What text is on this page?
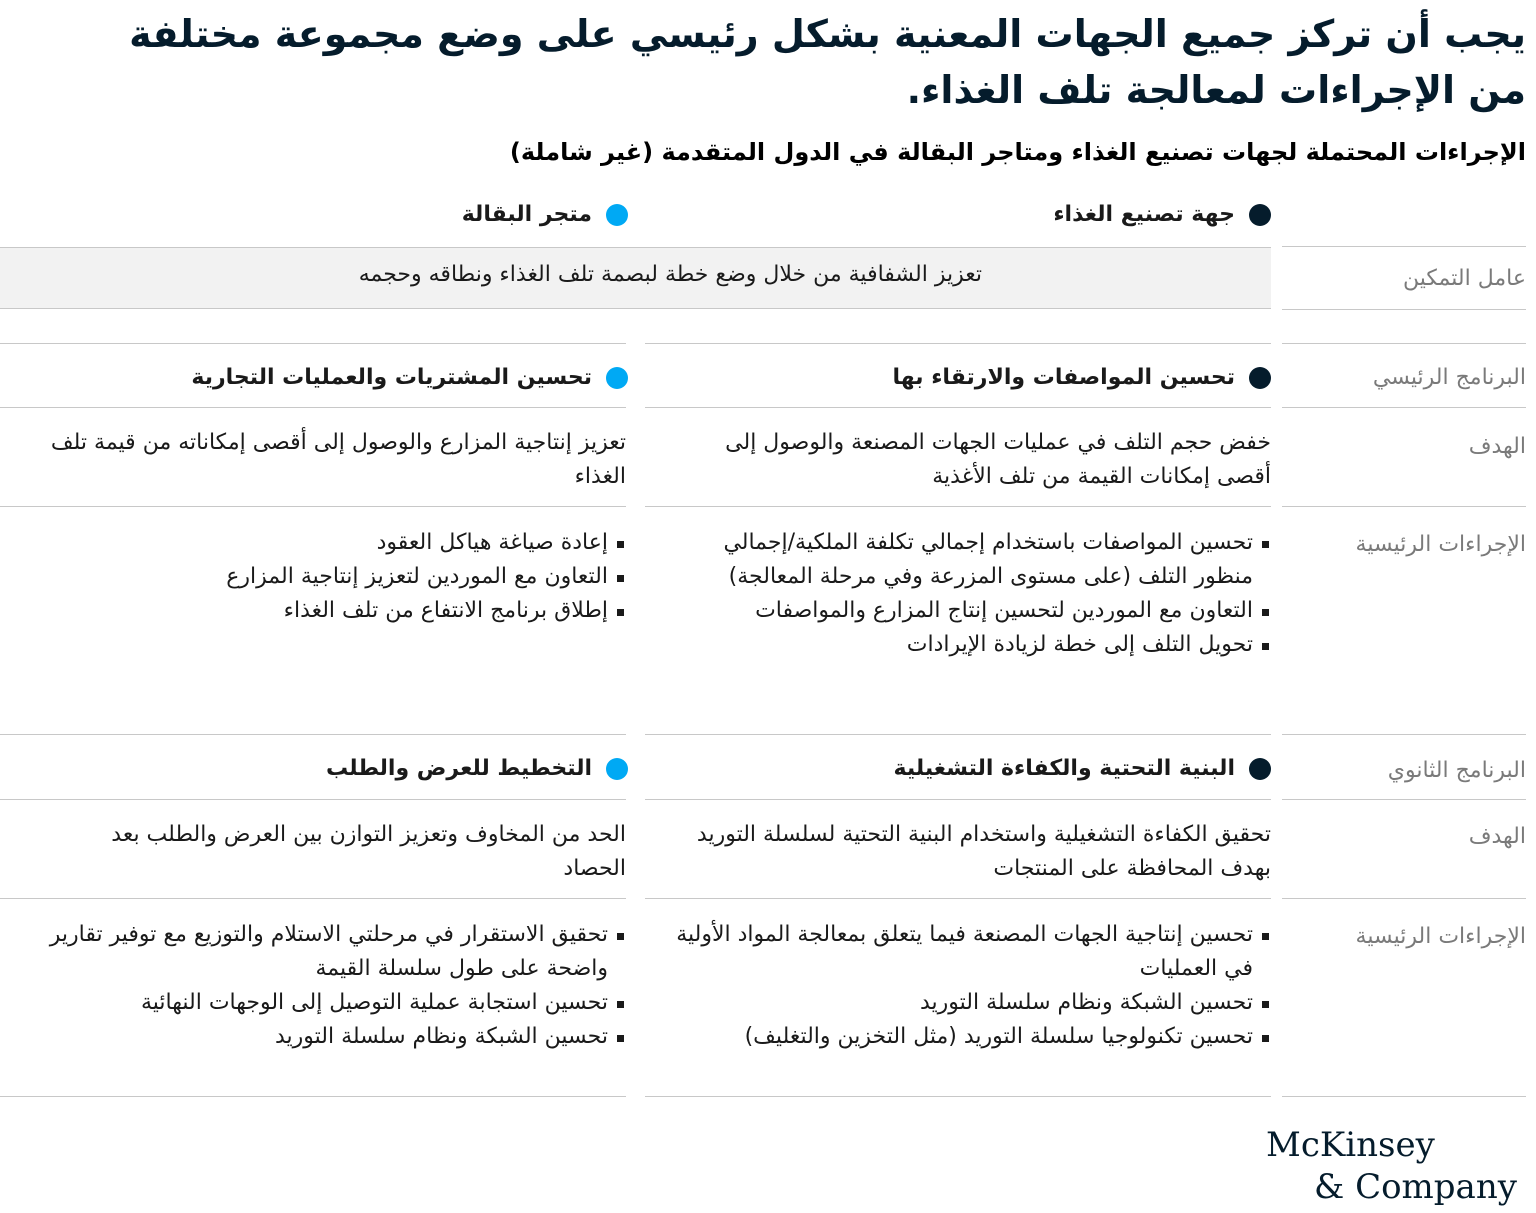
يجب أن تركز جميع الجهات المعنية بشكل رئيسي على وضع مجموعة مختلفة من الإجراءات لمعالجة تلف الغذاء.
الإجراءات المحتملة لجهات تصنيع الغذاء ومتاجر البقالة في الدول المتقدمة (غير شاملة)
جهة تصنيع الغذاء
متجر البقالة
تعزيز الشفافية من خلال وضع خطة لبصمة تلف الغذاء ونطاقه وحجمه	عامل التمكين
البرنامج الرئيسي
تحسين المواصفات والارتقاء بها
تحسين المشتريات والعمليات التجارية
الهدف
خفض حجم التلف في عمليات الجهات المصنعة والوصول إلى أقصى إمكانات القيمة من تلف الأغذية
تعزيز إنتاجية المزارع والوصول إلى أقصى إمكاناته من قيمة تلف الغذاء
الإجراءات الرئيسية
تحسين المواصفات باستخدام إجمالي تكلفة الملكية/إجمالي منظور التلف (على مستوى المزرعة وفي مرحلة المعالجة)
التعاون مع الموردين لتحسين إنتاج المزارع والمواصفات
تحويل التلف إلى خطة لزيادة الإيرادات
إعادة صياغة هياكل العقود
التعاون مع الموردين لتعزيز إنتاجية المزارع
إطلاق برنامج الانتفاع من تلف الغذاء
البرنامج الثانوي
البنية التحتية والكفاءة التشغيلية
التخطيط للعرض والطلب
الهدف
تحقيق الكفاءة التشغيلية واستخدام البنية التحتية لسلسلة التوريد بهدف المحافظة على المنتجات
الحد من المخاوف وتعزيز التوازن بين العرض والطلب بعد الحصاد
الإجراءات الرئيسية
تحسين إنتاجية الجهات المصنعة فيما يتعلق بمعالجة المواد الأولية في العمليات
تحسين الشبكة ونظام سلسلة التوريد
تحسين تكنولوجيا سلسلة التوريد (مثل التخزين والتغليف)
تحقيق الاستقرار في مرحلتي الاستلام والتوزيع مع توفير تقارير واضحة على طول سلسلة القيمة
تحسين استجابة عملية التوصيل إلى الوجهات النهائية
تحسين الشبكة ونظام سلسلة التوريد
McKinsey
& Company
